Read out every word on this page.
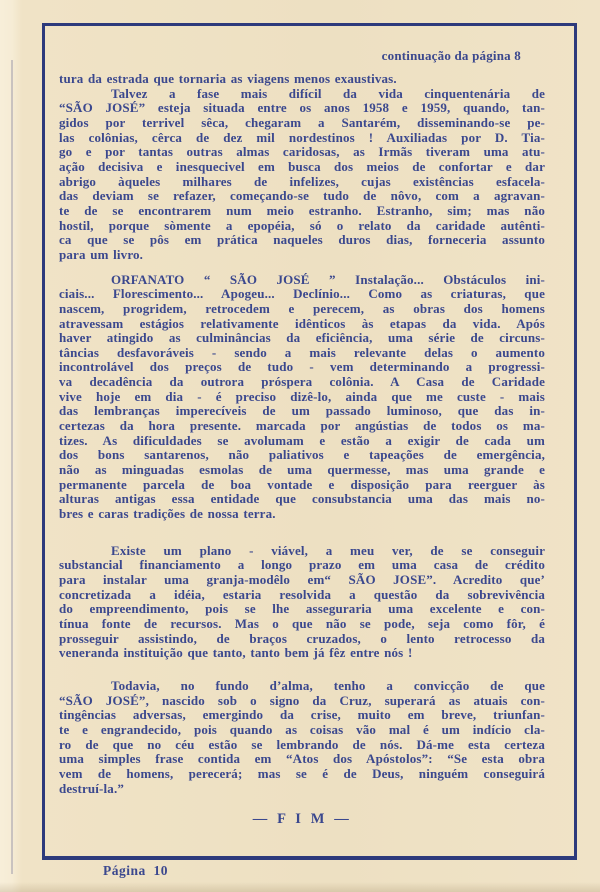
continuação da página 8
tura da estrada que tornaria as viagens menos exaustivas.
Talvez a fase mais difícil da vida cinquentenária de
“SÃO JOSÉ” esteja situada entre os anos 1958 e 1959, quando, tan-
gidos por terrivel sêca, chegaram a Santarém, disseminando-se pe-
las colônias, cêrca de dez mil nordestinos ! Auxiliadas por D. Tia-
go e por tantas outras almas caridosas, as Irmãs tiveram uma atu-
ação decisiva e inesquecivel em busca dos meios de confortar e dar
abrigo àqueles milhares de infelizes, cujas existências esfacela-
das deviam se refazer, começando-se tudo de nôvo, com a agravan-
te de se encontrarem num meio estranho. Estranho, sim; mas não
hostil, porque sòmente a epopéia, só o relato da caridade autênti-
ca que se pôs em prática naqueles duros dias, forneceria assunto
para um livro.
ORFANATO “ SÃO JOSÉ ” Instalação... Obstáculos ini-
ciais... Florescimento... Apogeu... Declínio... Como as criaturas, que
nascem, progridem, retrocedem e perecem, as obras dos homens
atravessam estágios relativamente idênticos às etapas da vida. Após
haver atingido as culminâncias da eficiência, uma série de circuns-
tâncias desfavoráveis - sendo a mais relevante delas o aumento
incontrolável dos preços de tudo - vem determinando a progressi-
va decadência da outrora próspera colônia. A Casa de Caridade
vive hoje em dia - é preciso dizê-lo, ainda que me custe - mais
das lembranças imperecíveis de um passado luminoso, que das in-
certezas da hora presente. marcada por angústias de todos os ma-
tizes. As dificuldades se avolumam e estão a exigir de cada um
dos bons santarenos, não paliativos e tapeações de emergência,
não as minguadas esmolas de uma quermesse, mas uma grande e
permanente parcela de boa vontade e disposição para reerguer às
alturas antigas essa entidade que consubstancia uma das mais no-
bres e caras tradições de nossa terra.
Existe um plano - viável, a meu ver, de se conseguir
substancial financiamento a longo prazo em uma casa de crédito
para instalar uma granja-modêlo em“ SÃO JOSE”. Acredito que’
concretizada a idéia, estaria resolvida a questão da sobrevivência
do empreendimento, pois se lhe asseguraria uma excelente e con-
tínua fonte de recursos. Mas o que não se pode, seja como fôr, é
prosseguir assistindo, de braços cruzados, o lento retrocesso da
veneranda instituição que tanto, tanto bem já fêz entre nós !
Todavia, no fundo d’alma, tenho a convicção de que
“SÃO JOSÉ”, nascido sob o signo da Cruz, superará as atuais con-
tingências adversas, emergindo da crise, muito em breve, triunfan-
te e engrandecido, pois quando as coisas vão mal é um indício cla-
ro de que no céu estão se lembrando de nós. Dá-me esta certeza
uma simples frase contida em “Atos dos Apóstolos”: “Se esta obra
vem de homens, perecerá; mas se é de Deus, ninguém conseguirá
destruí-la.”
— F I M —
Página  10
